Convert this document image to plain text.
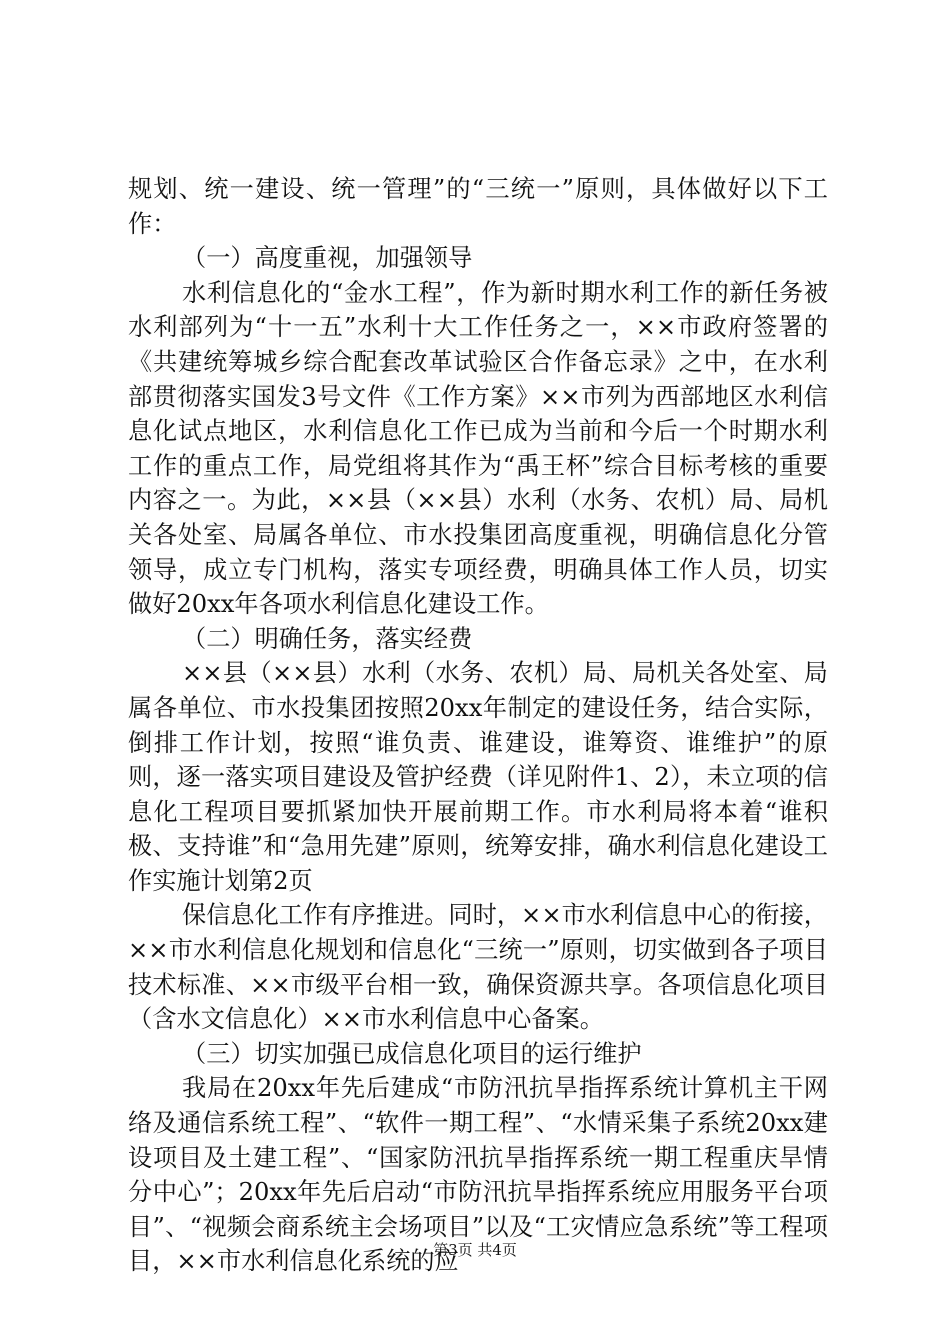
规划、统一建设、统一管理”的“三统一”原则，具体做好以下工作：

（一）高度重视，加强领导

水利信息化的“金水工程”，作为新时期水利工作的新任务被水利部列为“十一五”水利十大工作任务之一，××市政府签署的《共建统筹城乡综合配套改革试验区合作备忘录》之中，在水利部贯彻落实国发3号文件《工作方案》××市列为西部地区水利信息化试点地区，水利信息化工作已成为当前和今后一个时期水利工作的重点工作，局党组将其作为“禹王杯”综合目标考核的重要内容之一。为此，××县（××县）水利（水务、农机）局、局机关各处室、局属各单位、市水投集团高度重视，明确信息化分管领导，成立专门机构，落实专项经费，明确具体工作人员，切实做好20xx年各项水利信息化建设工作。

（二）明确任务，落实经费

××县（××县）水利（水务、农机）局、局机关各处室、局属各单位、市水投集团按照20xx年制定的建设任务，结合实际，倒排工作计划，按照“谁负责、谁建设，谁筹资、谁维护”的原则，逐一落实项目建设及管护经费（详见附件1、2），未立项的信息化工程项目要抓紧加快开展前期工作。市水利局将本着“谁积极、支持谁”和“急用先建”原则，统筹安排，确水利信息化建设工作实施计划第2页

保信息化工作有序推进。同时，××市水利信息中心的衔接，××市水利信息化规划和信息化“三统一”原则，切实做到各子项目技术标准、××市级平台相一致，确保资源共享。各项信息化项目（含水文信息化）××市水利信息中心备案。

（三）切实加强已成信息化项目的运行维护

我局在20xx年先后建成“市防汛抗旱指挥系统计算机主干网络及通信系统工程”、“软件一期工程”、“水情采集子系统20xx建设项目及土建工程”、“国家防汛抗旱指挥系统一期工程重庆旱情分中心”；20xx年先后启动“市防汛抗旱指挥系统应用服务平台项目”、“视频会商系统主会场项目”以及“工灾情应急系统”等工程项目，××市水利信息化系统的应

第3页 共4页
